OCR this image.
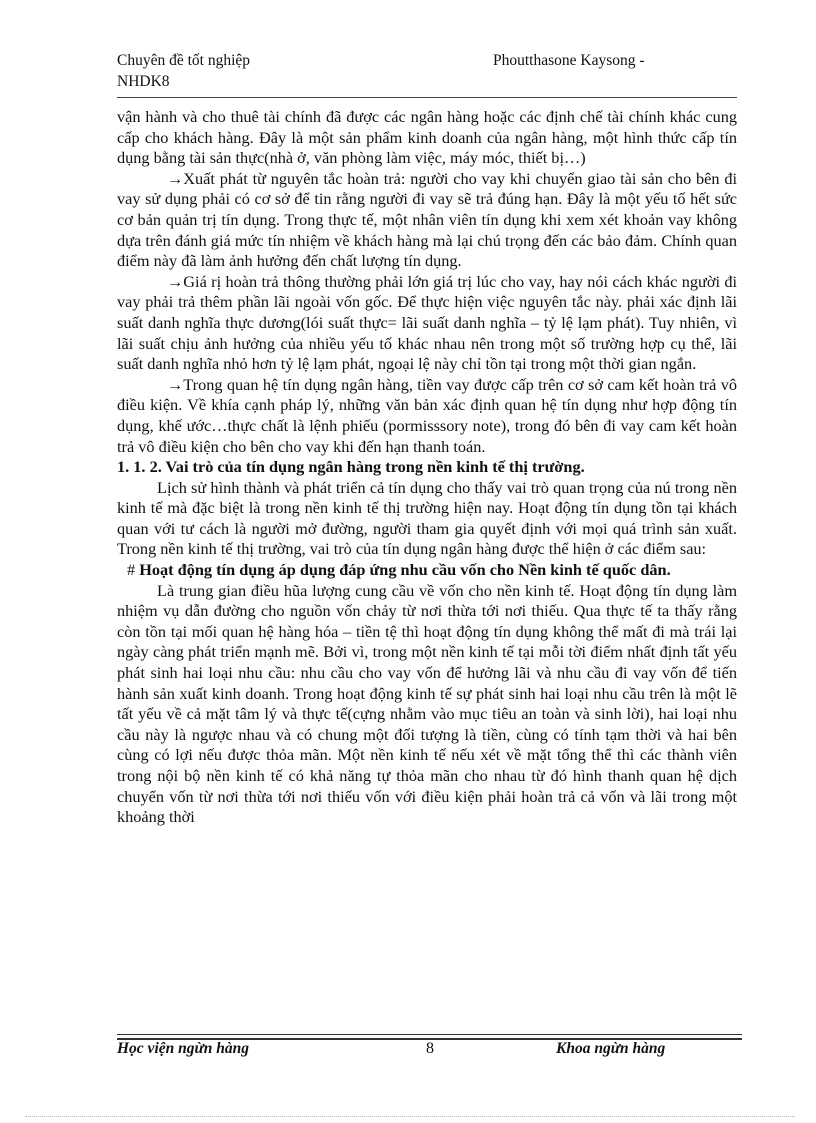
Chuyên đề tốt nghiệp	Phoutthasone Kaysong -
NHDK8

vận hành và cho thuê tài chính đã được các ngân hàng hoặc các định chế tài chính khác cung cấp cho khách hàng. Đây là một sản phẩm kinh doanh của ngân hàng, một hình thức cấp tín dụng bằng tài sản thực(nhà ở, văn phòng làm việc, máy móc, thiết bị…)

→Xuất phát từ nguyên tắc hoàn trả: người cho vay khi chuyển giao tài sản cho bên đi vay sử dụng phải có cơ sở để tin rằng người đi vay sẽ trả đúng hạn. Đây là một yếu tố hết sức cơ bản quản trị tín dụng. Trong thực tế, một nhân viên tín dụng khi xem xét khoản vay không dựa trên đánh giá mức tín nhiệm về khách hàng mà lại chú trọng đến các bảo đảm. Chính quan điểm này đã làm ảnh hưởng đến chất lượng tín dụng.

→Giá rị hoàn trả thông thường phải lớn giá trị lúc cho vay, hay nói cách khác người đi vay phải trả thêm phần lãi ngoài vốn gốc. Để thực hiện việc nguyên tắc này. phải xác định lãi suất danh nghĩa thực dương(lói suất thực= lãi suất danh nghĩa – tỷ lệ lạm phát). Tuy nhiên, vì lãi suất chịu ảnh hưởng của nhiều yếu tố khác nhau nên trong một số trường hợp cụ thể, lãi suất danh nghĩa nhỏ hơn tỷ lệ lạm phát, ngoại lệ này chỉ tồn tại trong một thời gian ngắn.

→Trong quan hệ tín dụng ngân hàng, tiền vay được cấp trên cơ sở cam kết hoàn trả vô điều kiện. Về khía cạnh pháp lý, những văn bản xác định quan hệ tín dụng như hợp động tín dụng, khế ước…thực chất là lệnh phiếu (pormisssory note), trong đó bên đi vay cam kết hoàn trả vô điều kiện cho bên cho vay khi đến hạn thanh toán.

1. 1. 2. Vai trò của tín dụng ngân hàng trong nền kinh tế thị trường.

Lịch sử hình thành và phát triển cả tín dụng cho thấy vai trò quan trọng của nú trong nền kinh tế mà đặc biệt là trong nền kinh tế thị trường hiện nay. Hoạt động tín dụng tồn tại khách quan với tư cách là người mở đường, người tham gia quyết định với mọi quá trình sản xuất. Trong nền kinh tế thị trường, vai trò của tín dụng ngân hàng được thể hiện ở các điểm sau:

# Hoạt động tín dụng áp dụng đáp ứng nhu cầu vốn cho Nền kinh tế quốc dân.

Là trung gian điều hũa lượng cung cầu về vốn cho nền kinh tế. Hoạt động tín dụng làm nhiệm vụ dẫn đường cho nguồn vốn chảy từ nơi thừa tới nơi thiếu. Qua thực tế ta thấy rằng còn tồn tại mối quan hệ hàng hóa – tiền tệ thì hoạt động tín dụng không thể mất đi mà trái lại ngày càng phát triển mạnh mẽ. Bởi vì, trong một nền kinh tế tại mỗi tời điểm nhất định tất yếu phát sinh hai loại nhu cầu: nhu cầu cho vay vốn để hưởng lãi và nhu cầu đi vay vốn để tiến hành sản xuất kinh doanh. Trong hoạt động kinh tế sự phát sinh hai loại nhu cầu trên là một lẽ tất yếu về cả mặt tâm lý và thực tế(cựng nhằm vào mục tiêu an toàn và sinh lời), hai loại nhu cầu này là ngược nhau và có chung một đối tượng là tiền, cùng có tính tạm thời và hai bên cùng có lợi nếu được thỏa mãn. Một nền kinh tế nếu xét về mặt tổng thể thì các thành viên trong nội bộ nền kinh tế có khả năng tự thỏa mãn cho nhau từ đó hình thanh quan hệ dịch chuyển vốn từ nơi thừa tới nơi thiếu vốn với điều kiện phải hoàn trả cả vốn và lãi trong một khoảng thời

Học viện ngừn hàng	8	Khoa ngừn hàng
